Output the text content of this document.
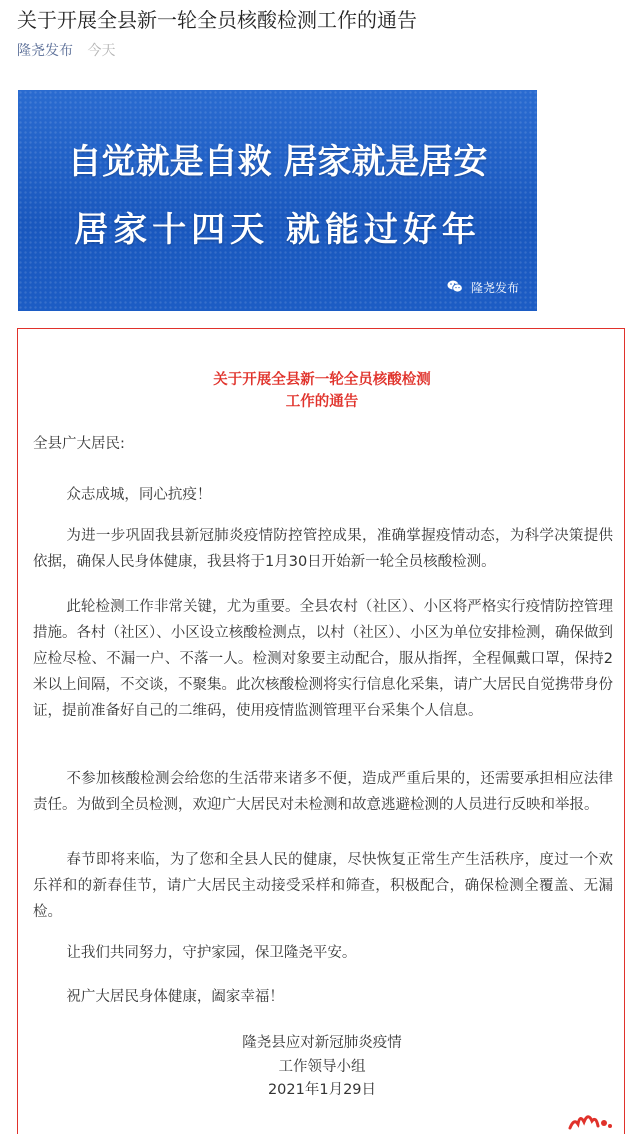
关于开展全县新一轮全员核酸检测工作的通告
隆尧发布 今天
自觉就是自救 居家就是居安
居家十四天 就能过好年
隆尧发布
关于开展全县新一轮全员核酸检测
工作的通告

全县广大居民:

众志成城，同心抗疫！

为进一步巩固我县新冠肺炎疫情防控管控成果，准确掌握疫情动态，为科学决策提供依据，确保人民身体健康，我县将于1月30日开始新一轮全员核酸检测。

此轮检测工作非常关键，尤为重要。全县农村（社区）、小区将严格实行疫情防控管理措施。各村（社区）、小区设立核酸检测点，以村（社区）、小区为单位安排检测，确保做到应检尽检、不漏一户、不落一人。检测对象要主动配合，服从指挥，全程佩戴口罩，保持2米以上间隔，不交谈，不聚集。此次核酸检测将实行信息化采集，请广大居民自觉携带身份证，提前准备好自己的二维码，使用疫情监测管理平台采集个人信息。

不参加核酸检测会给您的生活带来诸多不便，造成严重后果的，还需要承担相应法律责任。为做到全员检测，欢迎广大居民对未检测和故意逃避检测的人员进行反映和举报。

春节即将来临，为了您和全县人民的健康，尽快恢复正常生产生活秩序，度过一个欢乐祥和的新春佳节，请广大居民主动接受采样和筛查，积极配合，确保检测全覆盖、无漏检。

让我们共同努力，守护家园，保卫隆尧平安。

祝广大居民身体健康，阖家幸福！

隆尧县应对新冠肺炎疫情
工作领导小组
2021年1月29日
